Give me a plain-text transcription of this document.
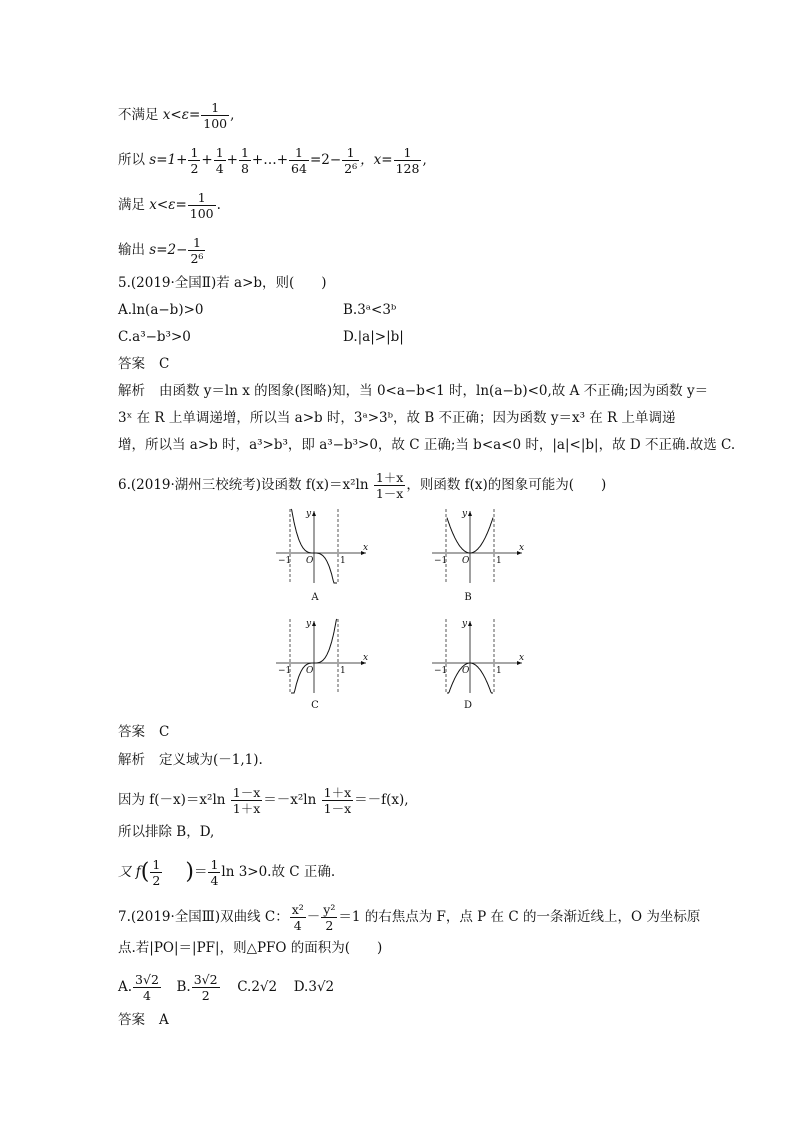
不满足 $x<\varepsilon= \frac{1}{100}$ ,
所以 $s=1+ \frac{1}{2} + \frac{1}{4} + \frac{1}{8}$ +…+ $\frac{1}{64} =2- \frac{1}{\text{2⁶}}$ ，$x= \frac{1}{128}$ ,
满足 $x<\varepsilon= \frac{1}{100}$ .
输出 $s=2- \frac{1}{\text{2⁶}}$
5.(2019·全国Ⅱ)若 a>b，则(　　)
A.ln(a−b)>0	B.3ᵃ<3ᵇ
C.a³−b³>0	D.|a|>|b|
答案 C
解析 由函数 y＝ln x 的图象(图略)知，当 0<a−b<1 时，ln(a−b)<0,故 A 不正确;因为函数 y＝
3ˣ 在 R 上单调递增，所以当 a>b 时，3ᵃ>3ᵇ，故 B 不正确；因为函数 y＝x³ 在 R 上单调递
增，所以当 a>b 时，a³>b³，即 a³−b³>0，故 C 正确;当 b<a<0 时，|a|<|b|，故 D 不正确.故选 C.
6.(2019·湖州三校统考)设函数 $f(x)=x^2\ln \frac{1+x}{1-x}$ ，则函数 f(x)的图象可能为(　　)
y
x
O
−1	1
A
y
x
O
−1	1
B
y
x
O
−1	1
C
y
x
O
−1	1
D
答案 C
解析 定义域为(－1,1).
因为 $f(-x)=x^2\ln \frac{1-x}{1+x} =-x^2\ln \frac{1+x}{1-x} =-f(x)$,
所以排除 B，D,
又 $f( \frac{1}{2}$ )＝ $\frac{1}{4}$ ln 3>0.故 C 正确.
7.(2019·全国Ⅲ)双曲线 C： $\frac{\text{x²}}{4} - \frac{\text{y²}}{2} =1$ 的右焦点为 F，点 P 在 C 的一条渐近线上，O 为坐标原
点.若|PO|＝|PF|，则△PFO 的面积为(　　)
A. $\frac{3√2}{4} B$. $\frac{3√2}{2} C.2√2$ D.3√2
答案 A
